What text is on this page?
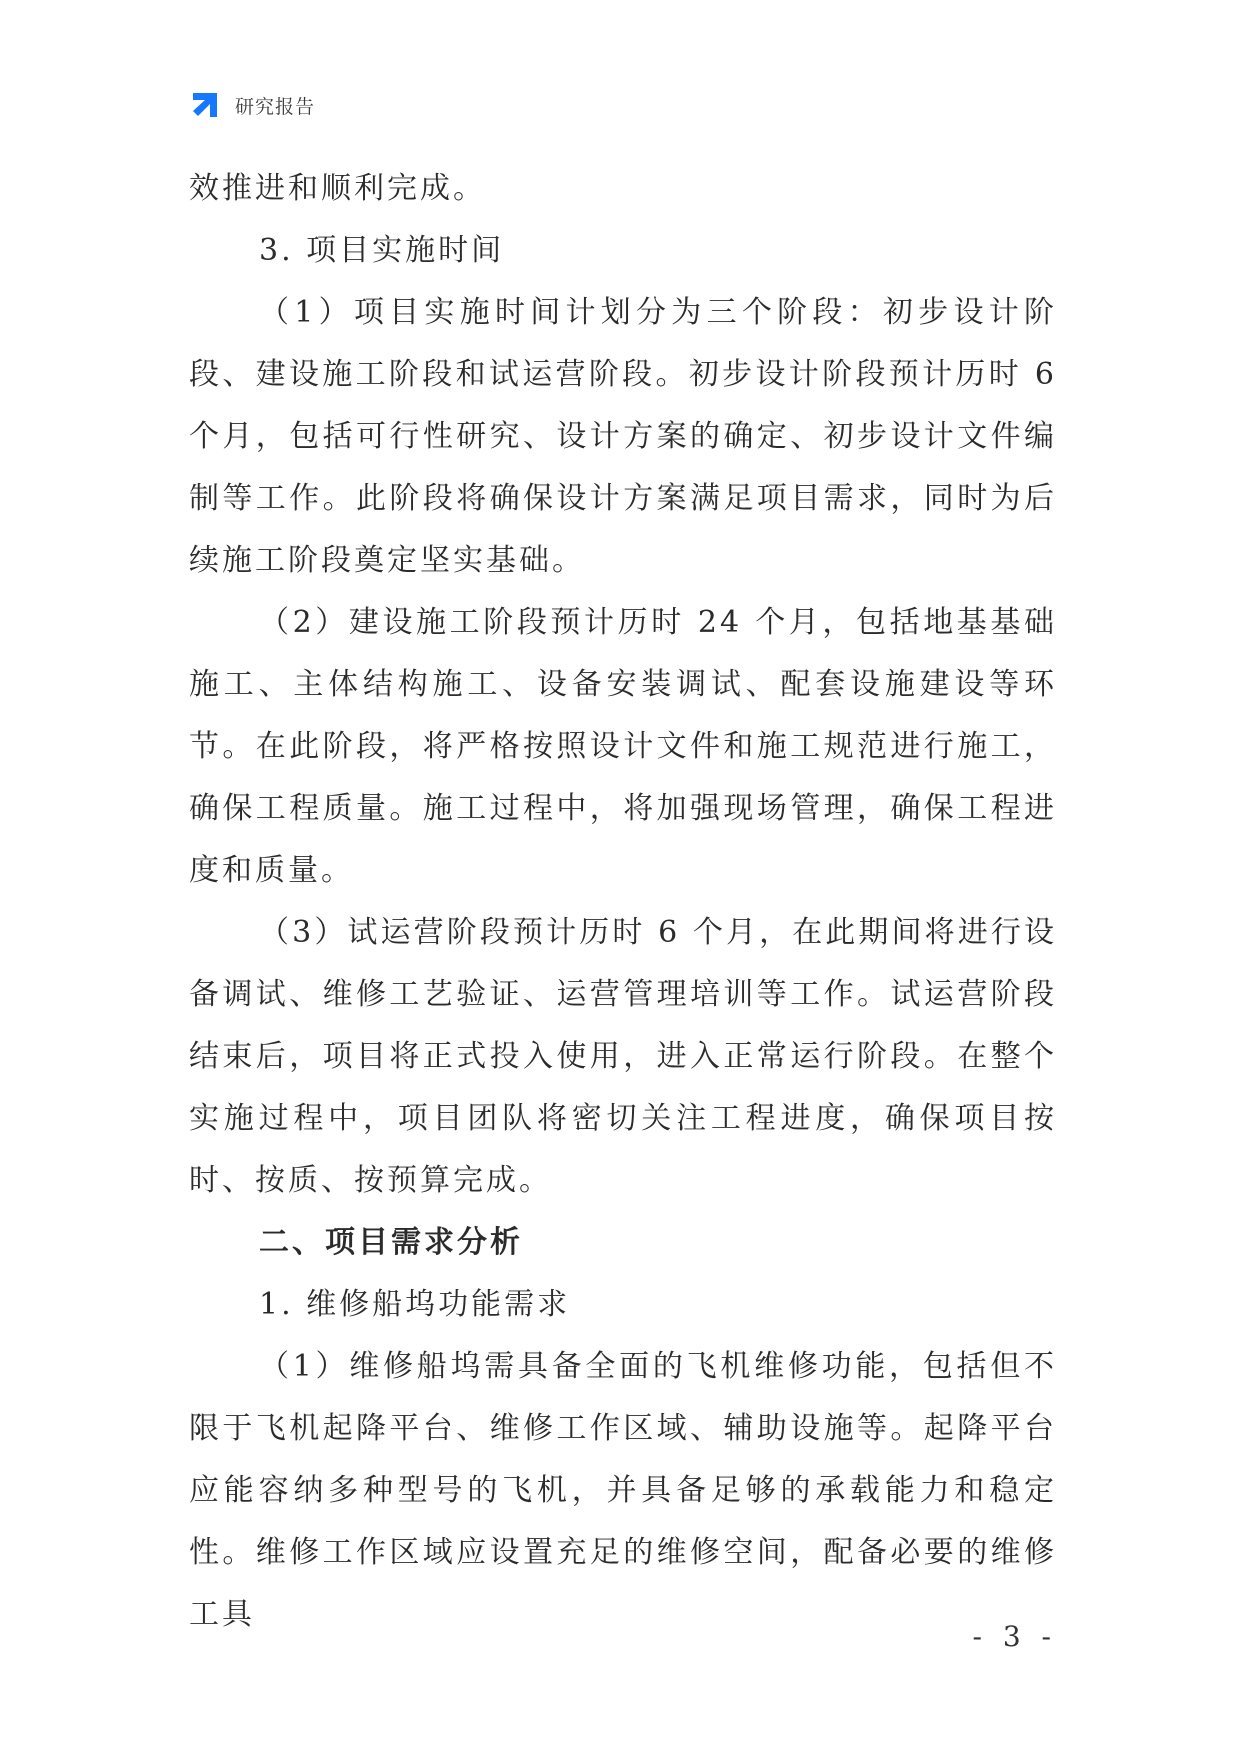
研究报告

效推进和顺利完成。

3. 项目实施时间

（1）项目实施时间计划分为三个阶段：初步设计阶段、建设施工阶段和试运营阶段。初步设计阶段预计历时 6 个月，包括可行性研究、设计方案的确定、初步设计文件编制等工作。此阶段将确保设计方案满足项目需求，同时为后续施工阶段奠定坚实基础。

（2）建设施工阶段预计历时 24 个月，包括地基基础施工、主体结构施工、设备安装调试、配套设施建设等环节。在此阶段，将严格按照设计文件和施工规范进行施工，确保工程质量。施工过程中，将加强现场管理，确保工程进度和质量。

（3）试运营阶段预计历时 6 个月，在此期间将进行设备调试、维修工艺验证、运营管理培训等工作。试运营阶段结束后，项目将正式投入使用，进入正常运行阶段。在整个实施过程中，项目团队将密切关注工程进度，确保项目按时、按质、按预算完成。

二、项目需求分析

1. 维修船坞功能需求

（1）维修船坞需具备全面的飞机维修功能，包括但不限于飞机起降平台、维修工作区域、辅助设施等。起降平台应能容纳多种型号的飞机，并具备足够的承载能力和稳定性。维修工作区域应设置充足的维修空间，配备必要的维修工具

- 3 -
